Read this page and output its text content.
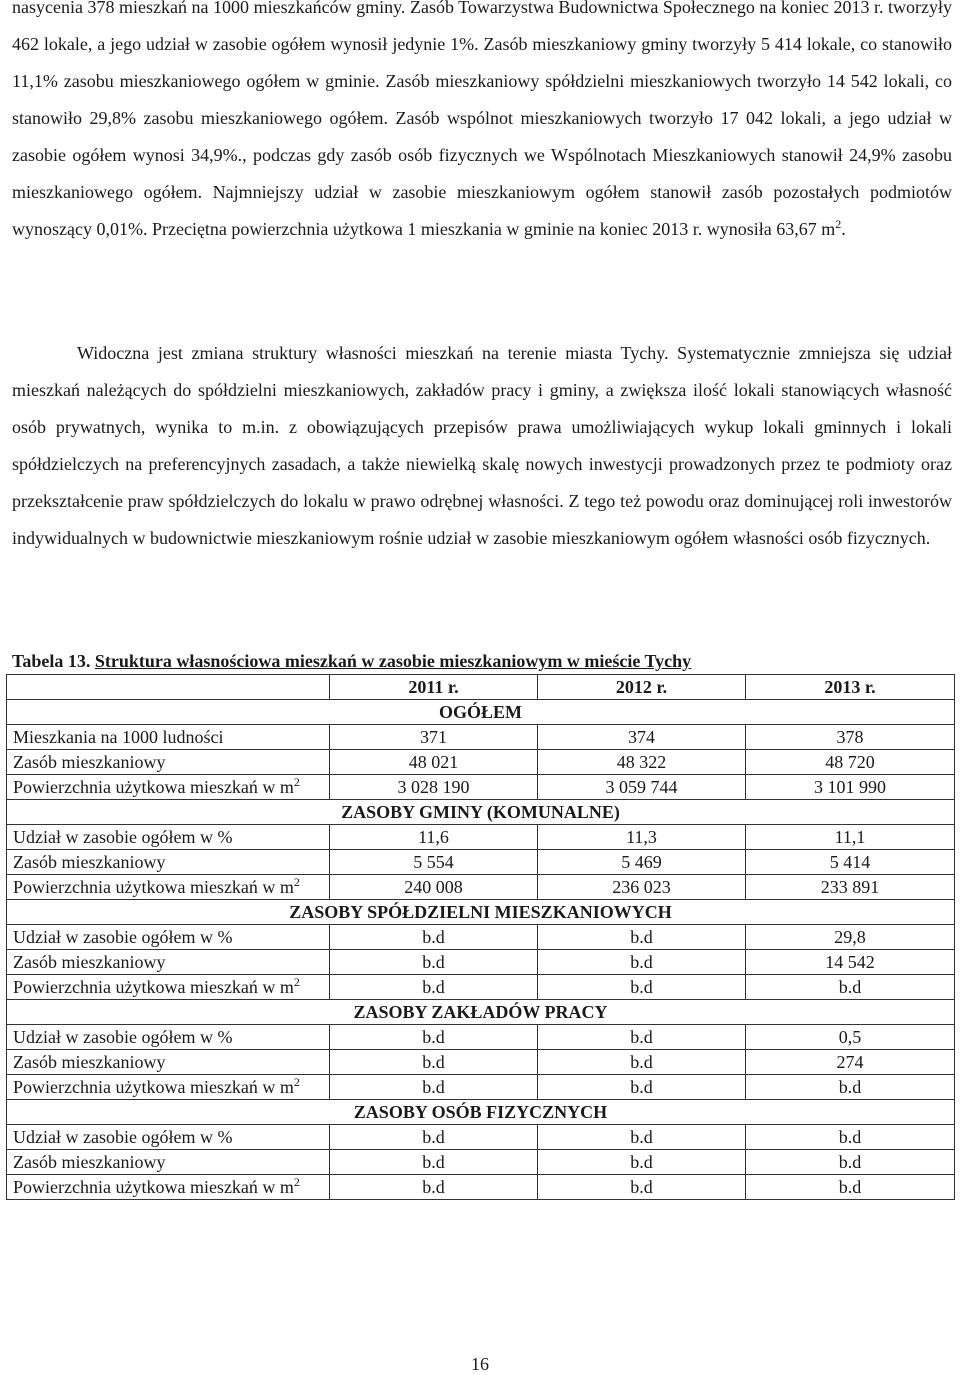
nasycenia 378 mieszkań na 1000 mieszkańców gminy. Zasób Towarzystwa Budownictwa Społecznego na koniec 2013 r. tworzyły 462 lokale, a jego udział w zasobie ogółem wynosił jedynie 1%. Zasób mieszkaniowy gminy tworzyły 5 414 lokale, co stanowiło 11,1% zasobu mieszkaniowego ogółem w gminie. Zasób mieszkaniowy spółdzielni mieszkaniowych tworzyło 14 542 lokali, co stanowiło 29,8% zasobu mieszkaniowego ogółem. Zasób wspólnot mieszkaniowych tworzyło 17 042 lokali, a jego udział w zasobie ogółem wynosi 34,9%., podczas gdy zasób osób fizycznych we Wspólnotach Mieszkaniowych stanowił 24,9% zasobu mieszkaniowego ogółem. Najmniejszy udział w zasobie mieszkaniowym ogółem stanowił zasób pozostałych podmiotów wynoszący 0,01%. Przeciętna powierzchnia użytkowa 1 mieszkania w gminie na koniec 2013 r. wynosiła 63,67 $m^2$.

Widoczna jest zmiana struktury własności mieszkań na terenie miasta Tychy. Systematycznie zmniejsza się udział mieszkań należących do spółdzielni mieszkaniowych, zakładów pracy i gminy, a zwiększa ilość lokali stanowiących własność osób prywatnych, wynika to m.in. z obowiązujących przepisów prawa umożliwiających wykup lokali gminnych i lokali spółdzielczych na preferencyjnych zasadach, a także niewielką skalę nowych inwestycji prowadzonych przez te podmioty oraz przekształcenie praw spółdzielczych do lokalu w prawo odrębnej własności. Z tego też powodu oraz dominującej roli inwestorów indywidualnych w budownictwie mieszkaniowym rośnie udział w zasobie mieszkaniowym ogółem własności osób fizycznych.

Tabela 13. Struktura własnościowa mieszkań w zasobie mieszkaniowym w mieście Tychy

	2011 r.	2012 r.	2013 r.
OGÓŁEM			
Mieszkania na 1000 ludności	371	374	378
Zasób mieszkaniowy	48 021	48 322	48 720
Powierzchnia użytkowa mieszkań w $m^2$	3 028 190	3 059 744	3 101 990
ZASOBY GMINY (KOMUNALNE)			
Udział w zasobie ogółem w %	11,6	11,3	11,1
Zasób mieszkaniowy	5 554	5 469	5 414
Powierzchnia użytkowa mieszkań w $m^2$	240 008	236 023	233 891
ZASOBY SPÓŁDZIELNI MIESZKANIOWYCH			
Udział w zasobie ogółem w %	b.d	b.d	29,8
Zasób mieszkaniowy	b.d	b.d	14 542
Powierzchnia użytkowa mieszkań w $m^2$	b.d	b.d	b.d
ZASOBY ZAKŁADÓW PRACY			
Udział w zasobie ogółem w %	b.d	b.d	0,5
Zasób mieszkaniowy	b.d	b.d	274
Powierzchnia użytkowa mieszkań w $m^2$	b.d	b.d	b.d
ZASOBY OSÓB FIZYCZNYCH			
Udział w zasobie ogółem w %	b.d	b.d	b.d
Zasób mieszkaniowy	b.d	b.d	b.d
Powierzchnia użytkowa mieszkań w $m^2$	b.d	b.d	b.d
16
